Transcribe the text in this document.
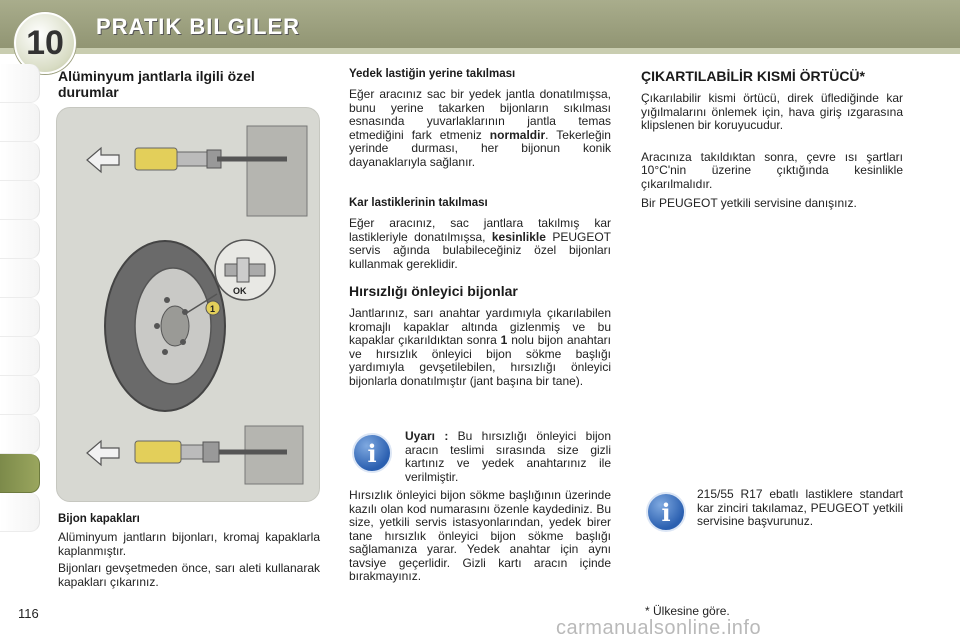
10	PRATIK BILGILER
Alüminyum jantlarla ilgili özel durumlar
OK
1
Bijon kapakları

Alüminyum jantların bijonları, kromaj kapaklarla kaplanmıştır.

Bijonları gevşetmeden önce, sarı aleti kullanarak kapakları çıkarınız.

Yedek lastiğin yerine takılması

Eğer aracınız sac bir yedek jantla donatılmışsa, bunu yerine takarken bijonların sıkılması esnasında yuvarlaklarının jantla temas etmediğini fark etmeniz normaldir. Tekerleğin yerinde durması, her bijonun konik dayanaklarıyla sağlanır.

Kar lastiklerinin takılması

Eğer aracınız, sac jantlara takılmış kar lastikleriyle donatılmışsa, kesinlikle PEUGEOT servis ağında bulabileceğiniz özel bijonları kullanmak gereklidir.

Hırsızlığı önleyici bijonlar

Jantlarınız, sarı anahtar yardımıyla çıkarılabilen kromajlı kapaklar altında gizlenmiş ve bu kapaklar çıkarıldıktan sonra 1 nolu bijon anahtarı ve hırsızlık önleyici bijon sökme başlığı yardımıyla gevşetilebilen, hırsızlığı önleyici bijonlarla donatılmıştır (jant başına bir tane).

i

Uyarı : Bu hırsızlığı önleyici bijon aracın teslimi sırasında size gizli kartınız ve yedek anahtarınız ile verilmiştir.

Hırsızlık önleyici bijon sökme başlığının üzerinde kazılı olan kod numarasını özenle kaydediniz. Bu size, yetkili servis istasyonlarından, yedek birer tane hırsızlık önleyici bijon sökme başlığı sağlamanıza yarar. Yedek anahtar için aynı tavsiye geçerlidir. Gizli kartı aracın içinde bırakmayınız.

ÇIKARTILABİLİR KISMİ ÖRTÜCÜ*

Çıkarılabilir kismi örtücü, direk üflediğinde kar yığılmalarını önlemek için, hava giriş ızgarasına klipslenen bir koruyucudur.

Aracınıza takıldıktan sonra, çevre ısı şartları 10°C'nin üzerine çıktığında kesinlikle çıkarılmalıdır.

Bir PEUGEOT yetkili servisine danışınız.

i

215/55 R17 ebatlı lastiklere standart kar zinciri takılamaz, PEUGEOT yetkili servisine başvurunuz.

116	* Ülkesine göre.
carmanualsonline.info
